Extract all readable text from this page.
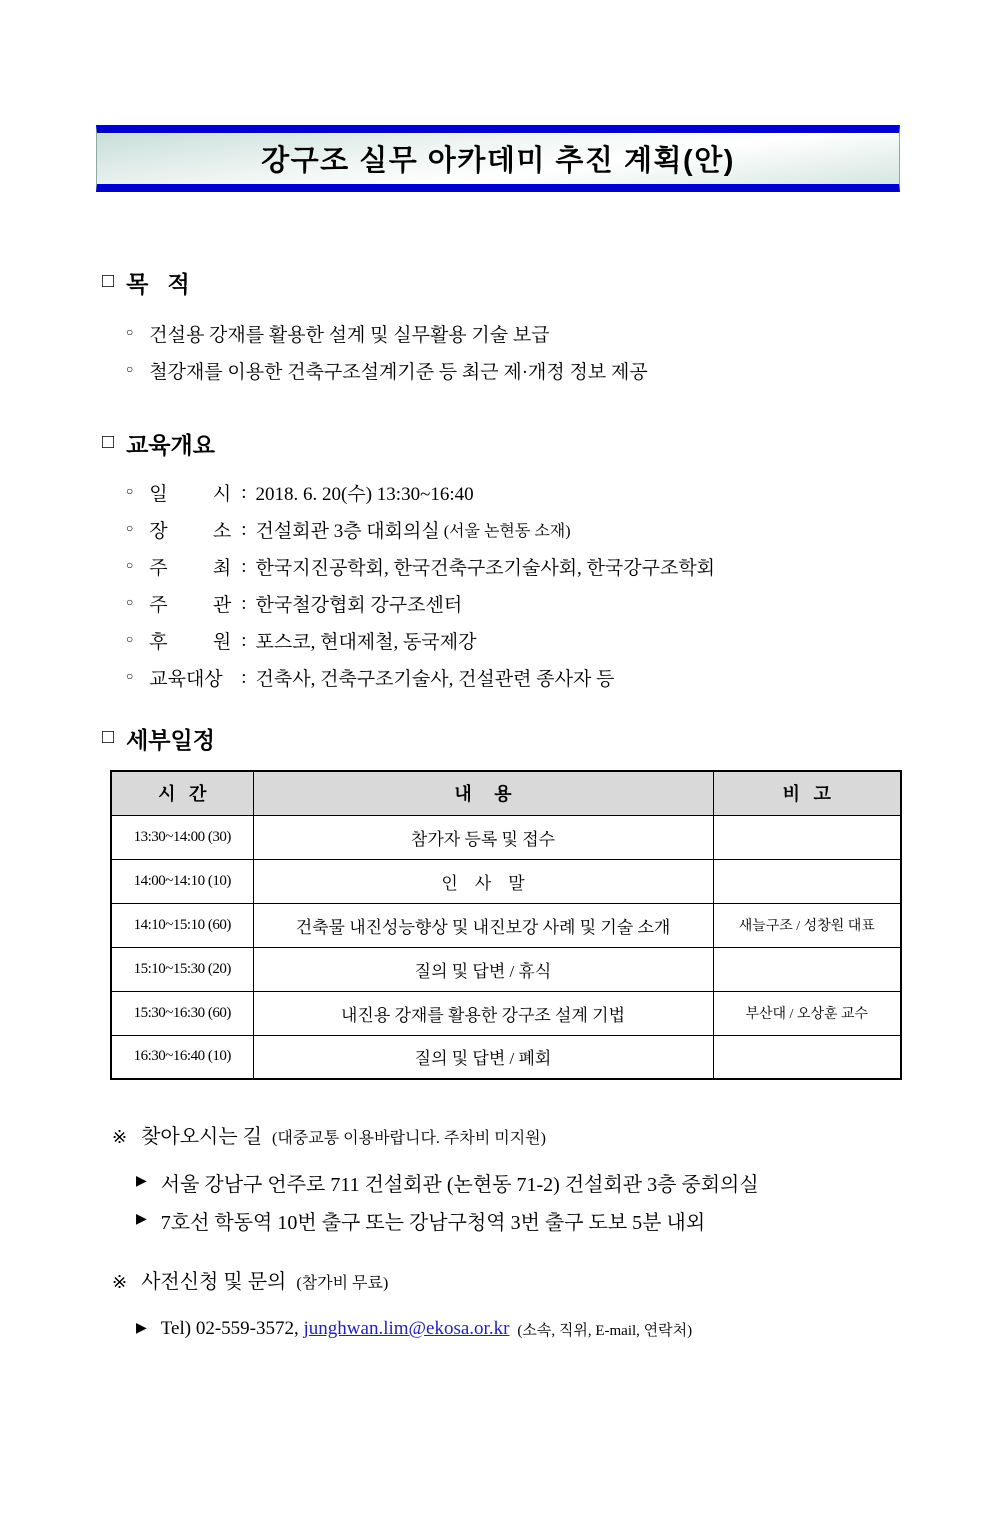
강구조 실무 아카데미 추진 계획(안)
□ 목   적
○ 건설용 강재를 활용한 설계 및 실무활용 기술 보급
○ 철강재를 이용한 건축구조설계기준 등 최근 제·개정 정보 제공
□ 교육개요
○ 일 시 : 2018. 6. 20(수) 13:30~16:40
○ 장 소 : 건설회관 3층 대회의실 (서울 논현동 소재)
○ 주 최 : 한국지진공학회, 한국건축구조기술사회, 한국강구조학회
○ 주 관 : 한국철강협회 강구조센터
○ 후 원 : 포스코, 현대제철, 동국제강
○ 교육대상 : 건축사, 건축구조기술사, 건설관련 종사자 등
□ 세부일정
시   간	내     용	비   고
13:30~14:00 (30)	참가자 등록 및 접수	
14:00~14:10 (10)	인    사    말	
14:10~15:10 (60)	건축물 내진성능향상 및 내진보강 사례 및 기술 소개	새늘구조 / 성창원 대표
15:10~15:30 (20)	질의 및 답변 / 휴식	
15:30~16:30 (60)	내진용 강재를 활용한 강구조 설계 기법	부산대 / 오상훈 교수
16:30~16:40 (10)	질의 및 답변 / 폐회	
※ 찾아오시는 길 (대중교통 이용바랍니다. 주차비 미지원)
▶ 서울 강남구 언주로 711 건설회관 (논현동 71-2) 건설회관 3층 중회의실
▶ 7호선 학동역 10번 출구 또는 강남구청역 3번 출구 도보 5분 내외
※ 사전신청 및 문의 (참가비 무료)
▶ Tel) 02-559-3572, junghwan.lim@ekosa.or.kr (소속, 직위, E-mail, 연락처)
